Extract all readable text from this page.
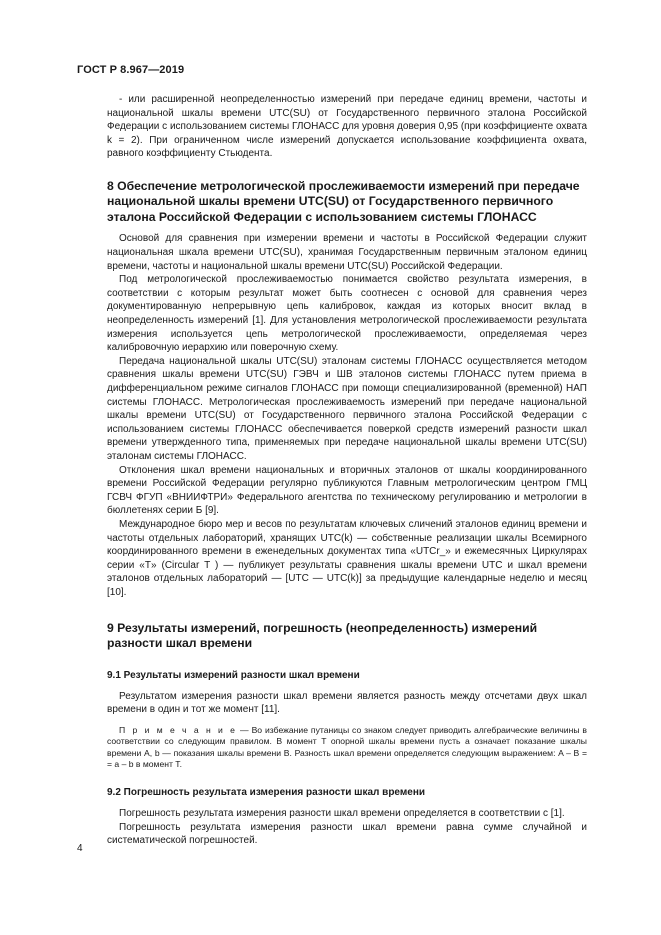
ГОСТ Р 8.967—2019

- или расширенной неопределенностью измерений при передаче единиц времени, частоты и национальной шкалы времени UTC(SU) от Государственного первичного эталона Российской Федерации с использованием системы ГЛОНАСС для уровня доверия 0,95 (при коэффициенте охвата k = 2). При ограниченном числе измерений допускается использование коэффициента охвата, равного коэффициенту Стьюдента.

8 Обеспечение метрологической прослеживаемости измерений при передаче национальной шкалы времени UTC(SU) от Государственного первичного эталона Российской Федерации с использованием системы ГЛОНАСС

Основой для сравнения при измерении времени и частоты в Российской Федерации служит национальная шкала времени UTC(SU), хранимая Государственным первичным эталоном единиц времени, частоты и национальной шкалы времени UTC(SU) Российской Федерации.

Под метрологической прослеживаемостью понимается свойство результата измерения, в соответствии с которым результат может быть соотнесен с основой для сравнения через документированную непрерывную цепь калибровок, каждая из которых вносит вклад в неопределенность измерений [1]. Для установления метрологической прослеживаемости результата измерения используется цепь метрологической прослеживаемости, определяемая через калибровочную иерархию или поверочную схему.

Передача национальной шкалы UTC(SU) эталонам системы ГЛОНАСС осуществляется методом сравнения шкалы времени UTC(SU) ГЭВЧ и ШВ эталонов системы ГЛОНАСС путем приема в дифференциальном режиме сигналов ГЛОНАСС при помощи специализированной (временной) НАП системы ГЛОНАСС. Метрологическая прослеживаемость измерений при передаче национальной шкалы времени UTC(SU) от Государственного первичного эталона Российской Федерации с использованием системы ГЛОНАСС обеспечивается поверкой средств измерений разности шкал времени утвержденного типа, применяемых при передаче национальной шкалы времени UTC(SU) эталонам системы ГЛОНАСС.

Отклонения шкал времени национальных и вторичных эталонов от шкалы координированного времени Российской Федерации регулярно публикуются Главным метрологическим центром ГМЦ ГСВЧ ФГУП «ВНИИФТРИ» Федерального агентства по техническому регулированию и метрологии в бюллетенях серии Б [9].

Международное бюро мер и весов по результатам ключевых сличений эталонов единиц времени и частоты отдельных лабораторий, хранящих UTC(k) — собственные реализации шкалы Всемирного координированного времени в еженедельных документах типа «UTCr_» и ежемесячных Циркулярах серии «T» (Circular T ) — публикует результаты сравнения шкалы времени UTC и шкал времени эталонов отдельных лабораторий — [UTC — UTC(k)] за предыдущие календарные неделю и месяц [10].

9 Результаты измерений, погрешность (неопределенность) измерений разности шкал времени
9.1 Результаты измерений разности шкал времени

Результатом измерения разности шкал времени является разность между отсчетами двух шкал времени в один и тот же момент [11].

П р и м е ч а н и е — Во избежание путаницы со знаком следует приводить алгебраические величины в соответствии со следующим правилом. В момент T опорной шкалы времени пусть a означает показание шкалы времени A, b — показания шкалы времени B. Разность шкал времени определяется следующим выражением: A – B = = a – b в момент T.

9.2 Погрешность результата измерения разности шкал времени

Погрешность результата измерения разности шкал времени определяется в соответствии с [1].

Погрешность результата измерения разности шкал времени равна сумме случайной и систематической погрешностей.

4
